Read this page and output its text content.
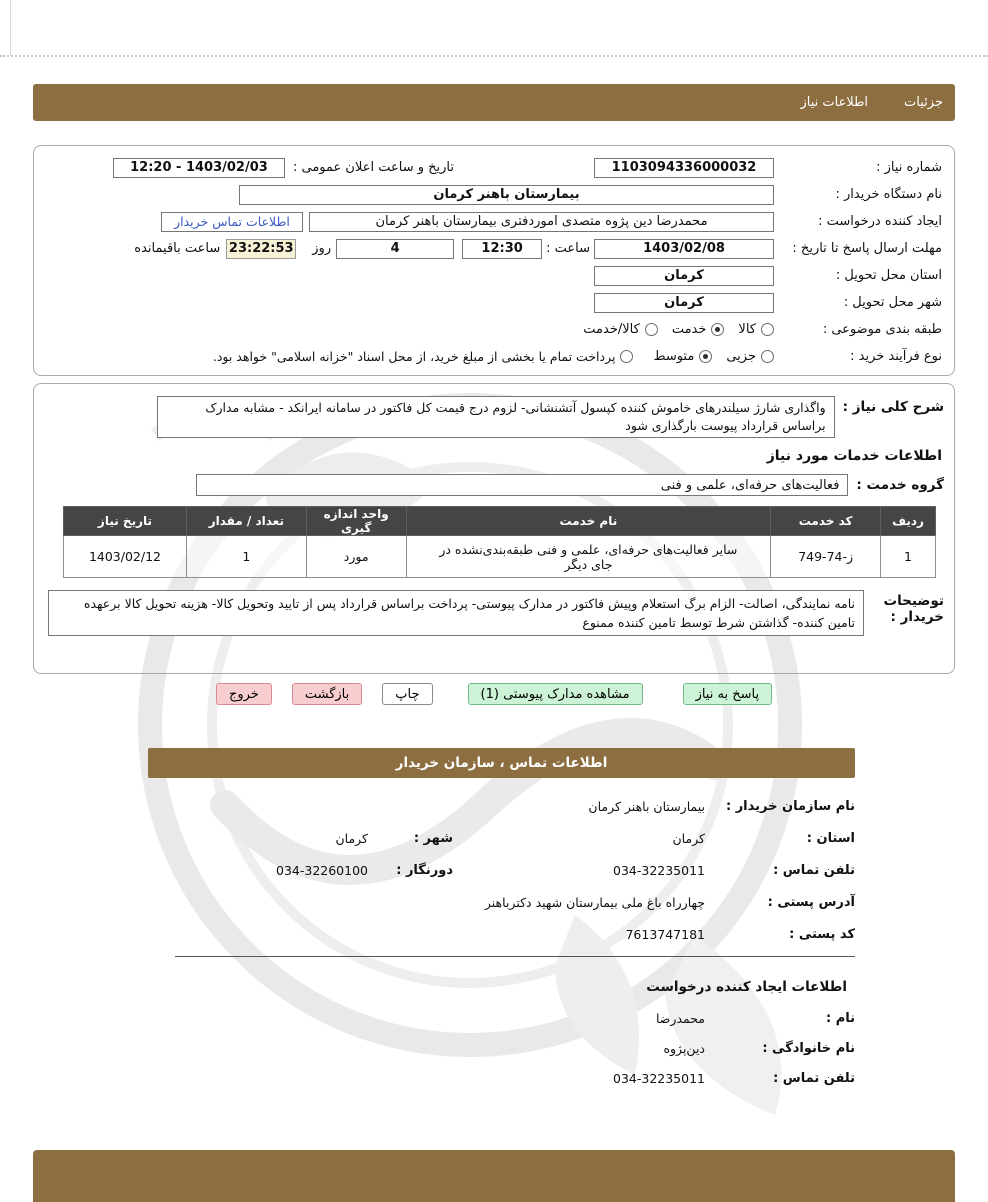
جزئیات
اطلاعات نیاز
شماره نیاز :
1103094336000032
تاریخ و ساعت اعلان عمومی :
12:20 - 1403/02/03
نام دستگاه خریدار :
بیمارستان باهنر کرمان
ایجاد کننده درخواست :
محمدرضا دین پژوه متصدی اموردفتری بیمارستان باهنر کرمان
اطلاعات تماس خریدار
مهلت ارسال پاسخ تا تاریخ :
1403/02/08
ساعت :
12:30
4
روز
23:22:53
ساعت باقیمانده
استان محل تحویل :
کرمان
شهر محل تحویل :
کرمان
طبقه بندی موضوعی :
کالا
خدمت
کالا/خدمت
نوع فرآیند خرید :
جزیی
متوسط
پرداخت تمام یا بخشی از مبلغ خرید، از محل اسناد "خزانه اسلامی" خواهد بود.
شرح کلی نیاز :
واگذاری شارژ سیلندرهای خاموش کننده کپسول آتشنشانی- لزوم درج قیمت کل فاکتور در سامانه ایرانکد - مشابه مدارک براساس قرارداد پیوست بارگذاری شود
اطلاعات خدمات مورد نیاز
گروه خدمت :
فعالیت‌های حرفه‌ای، علمی و فنی
ردیف	کد خدمت	نام خدمت	واحد اندازه گیری	تعداد / مقدار	تاریخ نیاز
1	ز-74-749	سایر فعالیت‌های حرفه‌ای، علمی و فنی طبقه‌بندی‌نشده در جای دیگر	مورد	1	1403/02/12
توضیحات خریدار :
نامه نمایندگی، اصالت- الزام برگ استعلام وپیش فاکتور در مدارک پیوستی- پرداخت براساس قرارداد پس از تایید وتحویل کالا- هزینه تحویل کالا برعهده تامین کننده- گذاشتن شرط توسط تامین کننده ممنوع
پاسخ به نیاز
مشاهده مدارک پیوستی (1)
چاپ
بازگشت
خروج
اطلاعات تماس ، سازمان خریدار
نام سازمان خریدار :
بیمارستان باهنر کرمان
استان :
کرمان
شهر :
کرمان
تلفن تماس :
034-32235011
دورنگار :
034-32260100
آدرس پستی :
چهارراه باغ ملی بیمارستان شهید دکترباهنر
کد پستی :
7613747181
اطلاعات ایجاد کننده درخواست
نام :
محمدرضا
نام خانوادگی :
دین‌پژوه
تلفن تماس :
034-32235011
